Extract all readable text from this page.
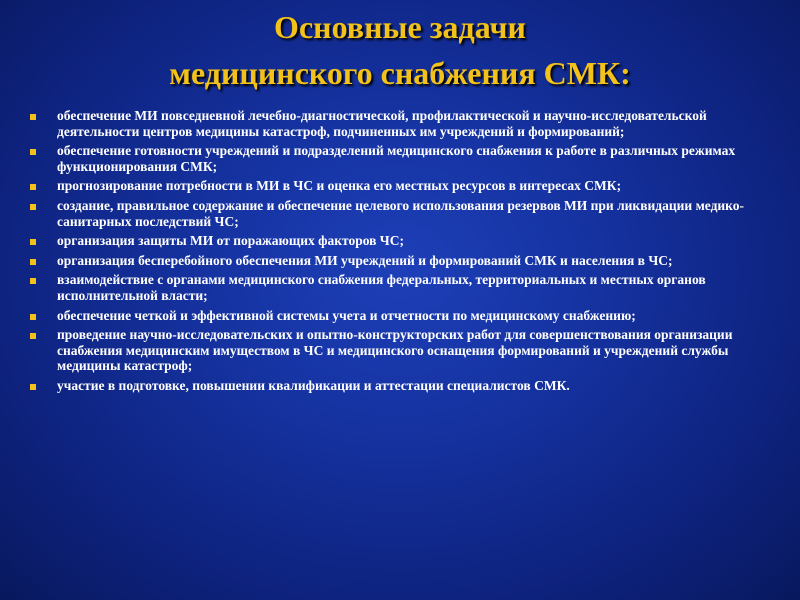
Основные задачи
медицинского снабжения СМК:
обеспечение МИ повседневной лечебно-диагностической, профилактической и научно-исследовательской деятельности центров медицины катастроф, подчиненных им учреждений и формирований;
обеспечение готовности учреждений и подразделений медицинского снабжения к работе в различных режимах функционирования СМК;
прогнозирование потребности в МИ в ЧС и оценка его местных ресурсов в интересах СМК;
создание, правильное содержание и обеспечение целевого использования резервов МИ при ликвидации медико-санитарных последствий ЧС;
организация защиты МИ от поражающих факторов ЧС;
организация бесперебойного обеспечения МИ учреждений и формирований СМК и населения в ЧС;
взаимодействие с органами медицинского снабжения федеральных, территориальных и местных органов исполнительной власти;
обеспечение четкой и эффективной системы учета и отчетности по медицинскому снабжению;
проведение научно-исследовательских и опытно-конструкторских работ для совершенствования организации снабжения медицинским имуществом в ЧС и медицинского оснащения формирований и учреждений службы медицины катастроф;
участие в подготовке, повышении квалификации и аттестации специалистов СМК.
